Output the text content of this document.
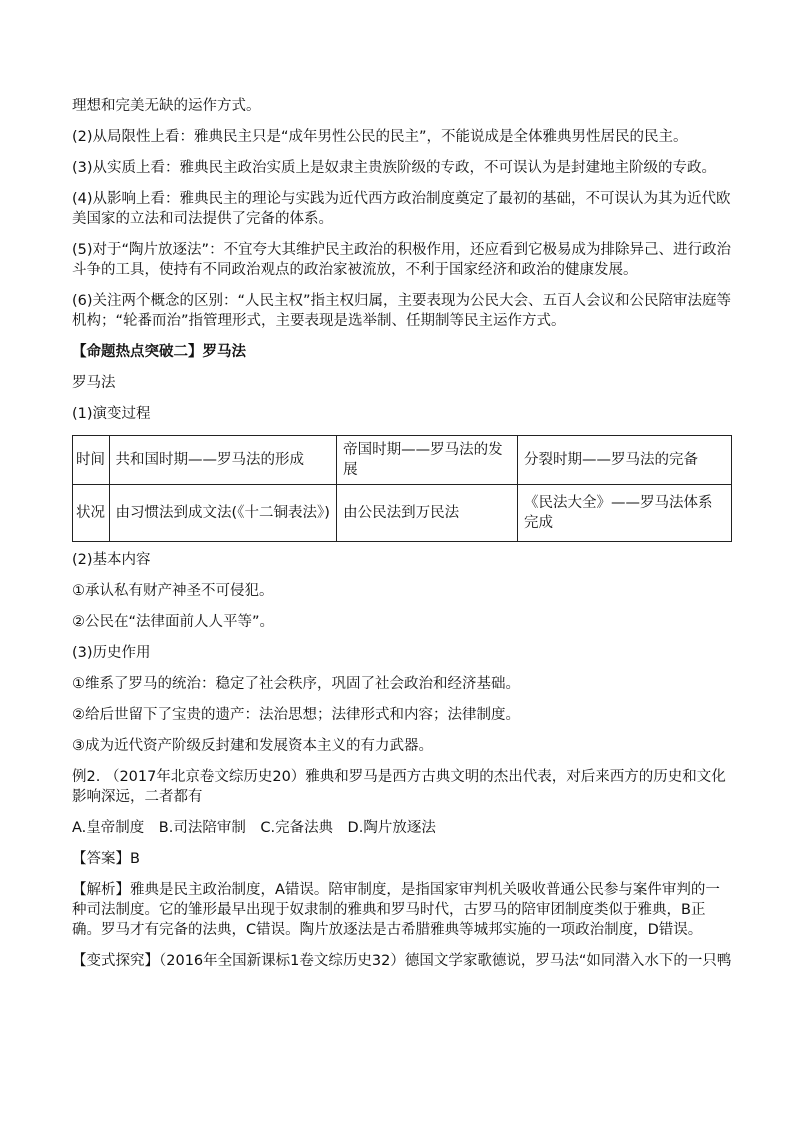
理想和完美无缺的运作方式。

(2)从局限性上看：雅典民主只是“成年男性公民的民主”，不能说成是全体雅典男性居民的民主。

(3)从实质上看：雅典民主政治实质上是奴隶主贵族阶级的专政，不可误认为是封建地主阶级的专政。

(4)从影响上看：雅典民主的理论与实践为近代西方政治制度奠定了最初的基础，不可误认为其为近代欧美国家的立法和司法提供了完备的体系。

(5)对于“陶片放逐法”：不宜夸大其维护民主政治的积极作用，还应看到它极易成为排除异己、进行政治斗争的工具，使持有不同政治观点的政治家被流放，不利于国家经济和政治的健康发展。

(6)关注两个概念的区别：“人民主权”指主权归属，主要表现为公民大会、五百人会议和公民陪审法庭等机构；“轮番而治”指管理形式，主要表现是选举制、任期制等民主运作方式。

【命题热点突破二】罗马法

罗马法

(1)演变过程

时间	共和国时期——罗马法的形成	帝国时期——罗马法的发展	分裂时期——罗马法的完备
状况	由习惯法到成文法(《十二铜表法》)	由公民法到万民法	《民法大全》——罗马法体系完成

(2)基本内容

①承认私有财产神圣不可侵犯。

②公民在“法律面前人人平等”。

(3)历史作用

①维系了罗马的统治：稳定了社会秩序，巩固了社会政治和经济基础。

②给后世留下了宝贵的遗产：法治思想；法律形式和内容；法律制度。

③成为近代资产阶级反封建和发展资本主义的有力武器。

例2. （2017年北京卷文综历史20）雅典和罗马是西方古典文明的杰出代表，对后来西方的历史和文化影响深远，二者都有

A.皇帝制度　B.司法陪审制　C.完备法典　D.陶片放逐法

【答案】B

【解析】雅典是民主政治制度，A错误。陪审制度，是指国家审判机关吸收普通公民参与案件审判的一种司法制度。它的雏形最早出现于奴隶制的雅典和罗马时代，古罗马的陪审团制度类似于雅典，B正确。罗马才有完备的法典，C错误。陶片放逐法是古希腊雅典等城邦实施的一项政治制度，D错误。

【变式探究】（2016年全国新课标1卷文综历史32）德国文学家歌德说，罗马法“如同潜入水下的一只鸭
